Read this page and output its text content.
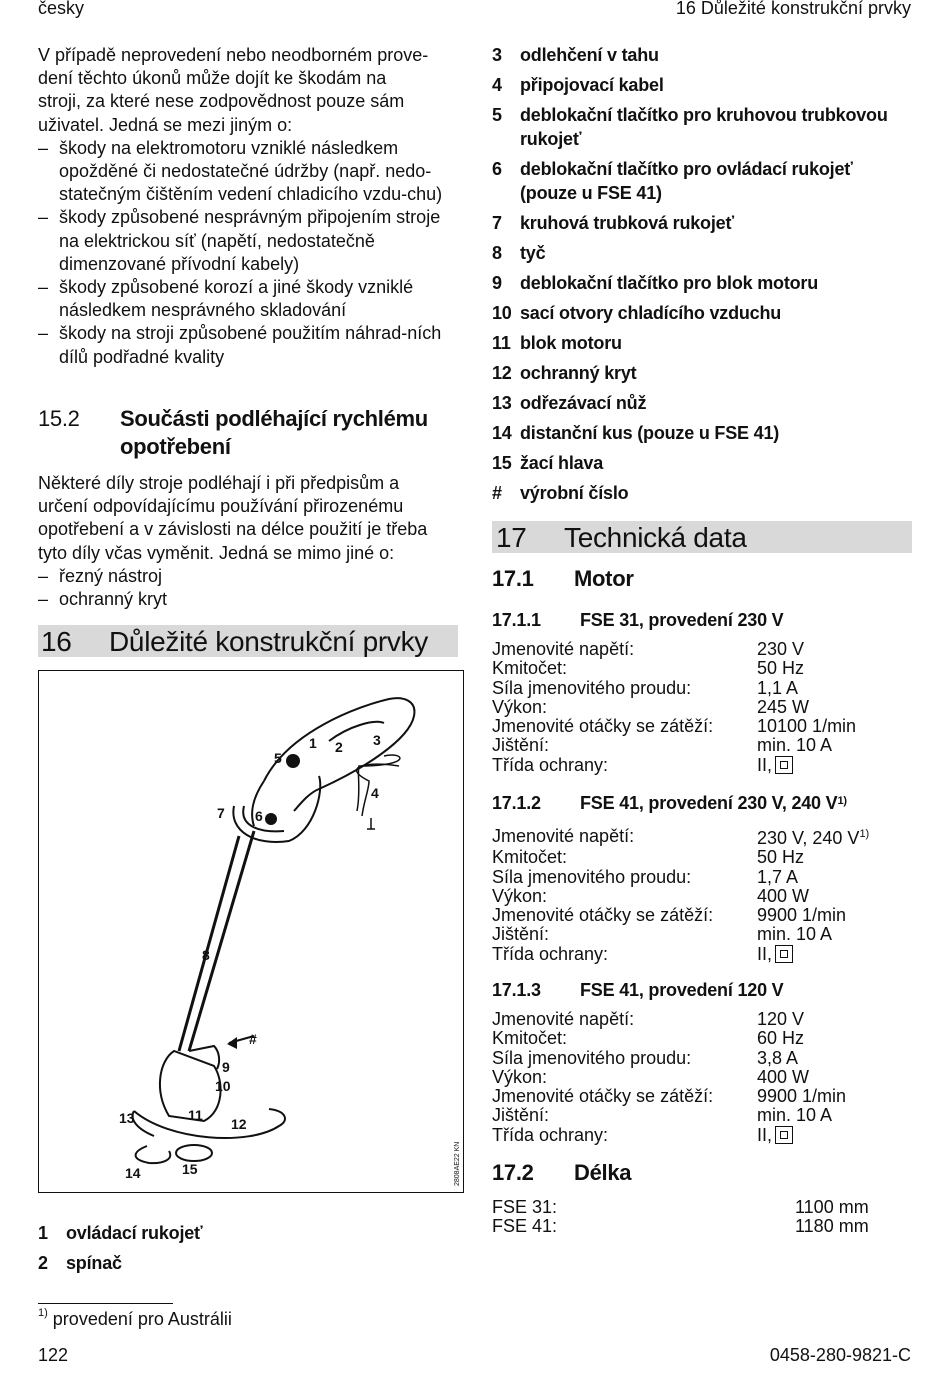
česky	16 Důležité konstrukční prvky

V případě neprovedení nebo neodborném prove-
dení těchto úkonů může dojít ke škodám na
stroji, za které nese zodpovědnost pouze sám
uživatel. Jedná se mezi jiným o:

– škody na elektromotoru vzniklé následkem opožděné či nedostatečné údržby (např. nedo-statečným čištěním vedení chladicího vzdu-chu)
– škody způsobené nesprávným připojením stroje na elektrickou síť (napětí, nedostatečně dimenzované přívodní kabely)
– škody způsobené korozí a jiné škody vzniklé následkem nesprávného skladování
– škody na stroji způsobené použitím náhrad-ních dílů podřadné kvality
15.2	Součásti podléhající rychlému opotřebení

Některé díly stroje podléhají i při předpisům a
určení odpovídajícímu používání přirozenému
opotřebení a v závislosti na délce použití je třeba
tyto díly včas vyměnit. Jedná se mimo jiné o:

– řezný nástroj
– ochranný kryt
16	Důležité konstrukční prvky
2808AE22 KN
1 2 3
4
5
6
7
8
#
9
10
11
12
13
14	15
1	ovládací rukojeť
2	spínač
$^{1)}$ provedení pro Austrálii
3	odlehčení v tahu
4	připojovací kabel
5	deblokační tlačítko pro kruhovou trubkovou rukojeť
6	deblokační tlačítko pro ovládací rukojeť (pouze u FSE 41)
7	kruhová trubková rukojeť
8	tyč
9	deblokační tlačítko pro blok motoru
10 sací otvory chladícího vzduchu
11 blok motoru
12 ochranný kryt
13 odřezávací nůž
14 distanční kus (pouze u FSE 41)
15 žací hlava
#	výrobní číslo
17	Technická data
17.1	Motor
17.1.1	FSE 31, provedení 230 V
Jmenovité napětí:	230 V
Kmitočet:	50 Hz
Síla jmenovitého proudu:	1,1 A
Výkon:	245 W
Jmenovité otáčky se zátěží:	10100 1/min
Jištění:	min. 10 A
Třída ochrany:	II,
17.1.2	FSE 41, provedení 230 V, 240 V 1)
Jmenovité napětí:	230 V, 240 V 1)
Kmitočet:	50 Hz
Síla jmenovitého proudu:	1,7 A
Výkon:	400 W
Jmenovité otáčky se zátěží:	9900 1/min
Jištění:	min. 10 A
Třída ochrany:	II,
17.1.3	FSE 41, provedení 120 V
Jmenovité napětí:	120 V
Kmitočet:	60 Hz
Síla jmenovitého proudu:	3,8 A
Výkon:	400 W
Jmenovité otáčky se zátěží:	9900 1/min
Jištění:	min. 10 A
Třída ochrany:	II,
17.2	Délka
FSE 31:	1100 mm
FSE 41:	1180 mm
122	0458-280-9821-C
